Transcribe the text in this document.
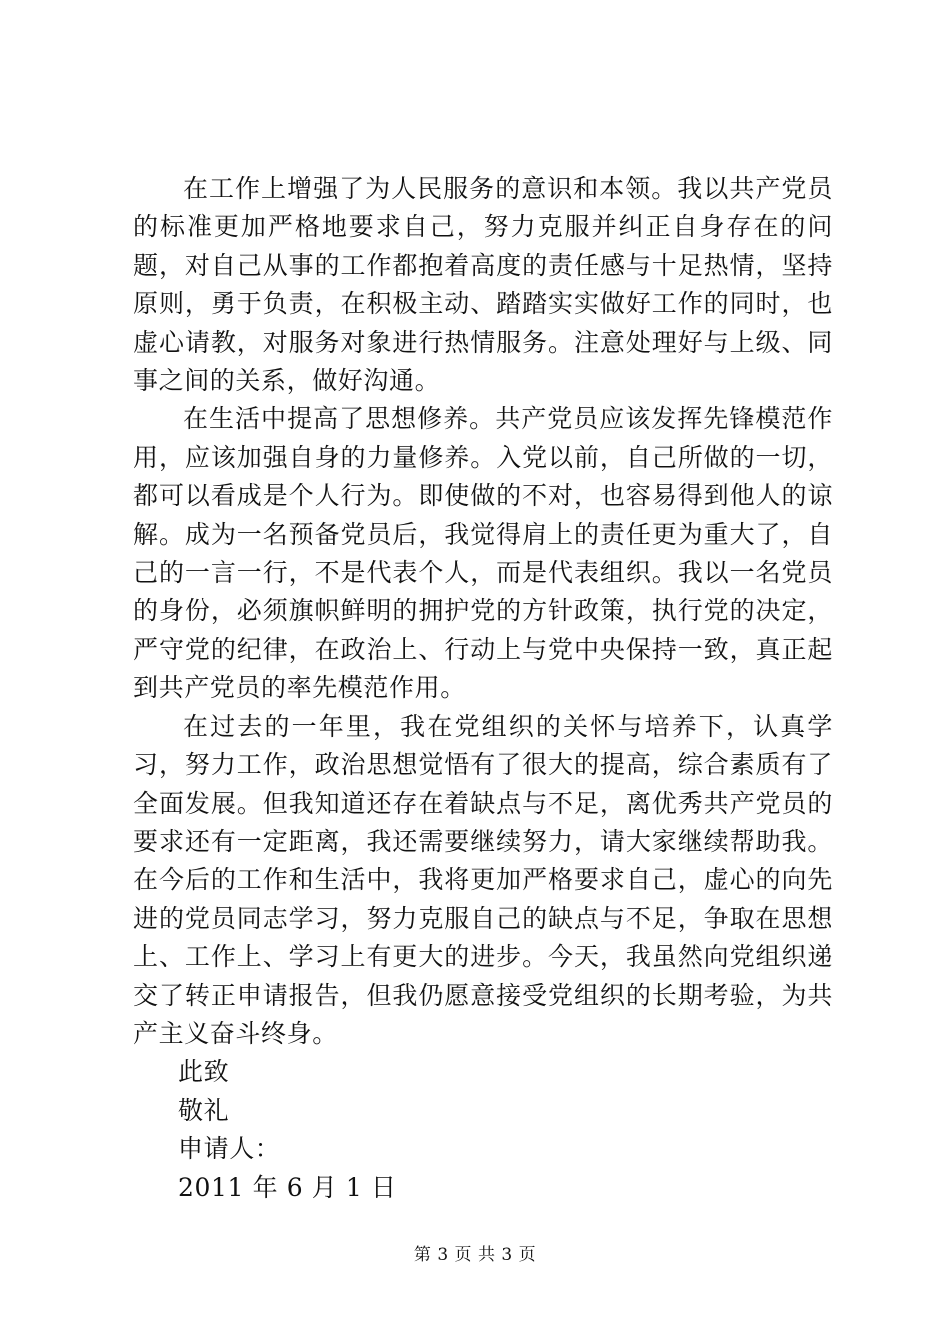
在工作上增强了为人民服务的意识和本领。我以共产党员的标准更加严格地要求自己，努力克服并纠正自身存在的问题，对自己从事的工作都抱着高度的责任感与十足热情，坚持原则，勇于负责，在积极主动、踏踏实实做好工作的同时，也虚心请教，对服务对象进行热情服务。注意处理好与上级、同事之间的关系，做好沟通。

在生活中提高了思想修养。共产党员应该发挥先锋模范作用，应该加强自身的力量修养。入党以前，自己所做的一切，都可以看成是个人行为。即使做的不对，也容易得到他人的谅解。成为一名预备党员后，我觉得肩上的责任更为重大了，自己的一言一行，不是代表个人，而是代表组织。我以一名党员的身份，必须旗帜鲜明的拥护党的方针政策，执行党的决定，严守党的纪律，在政治上、行动上与党中央保持一致，真正起到共产党员的率先模范作用。

在过去的一年里，我在党组织的关怀与培养下，认真学习，努力工作，政治思想觉悟有了很大的提高，综合素质有了全面发展。但我知道还存在着缺点与不足，离优秀共产党员的要求还有一定距离，我还需要继续努力，请大家继续帮助我。在今后的工作和生活中，我将更加严格要求自己，虚心的向先进的党员同志学习，努力克服自己的缺点与不足，争取在思想上、工作上、学习上有更大的进步。今天，我虽然向党组织递交了转正申请报告，但我仍愿意接受党组织的长期考验，为共产主义奋斗终身。

此致

敬礼

申请人：

2011 年 6 月 1 日

第 3 页 共 3 页
